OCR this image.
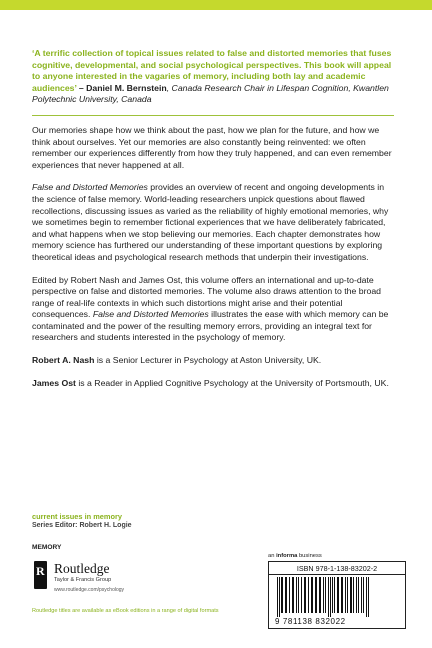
‘A terrific collection of topical issues related to false and distorted memories that fuses cognitive, developmental, and social psychological perspectives. This book will appeal to anyone interested in the vagaries of memory, including both lay and academic audiences’ – Daniel M. Bernstein, Canada Research Chair in Lifespan Cognition, Kwantlen Polytechnic University, Canada

Our memories shape how we think about the past, how we plan for the future, and how we think about ourselves. Yet our memories are also constantly being reinvented: we often remember our experiences differently from how they truly happened, and can even remember experiences that never happened at all.

False and Distorted Memories provides an overview of recent and ongoing developments in the science of false memory. World-leading researchers unpick questions about flawed recollections, discussing issues as varied as the reliability of highly emotional memories, why we sometimes begin to remember fictional experiences that we have deliberately fabricated, and what happens when we stop believing our memories. Each chapter demonstrates how memory science has furthered our understanding of these important questions by exploring theoretical ideas and psychological research methods that underpin their investigations.

Edited by Robert Nash and James Ost, this volume offers an international and up-to-date perspective on false and distorted memories. The volume also draws attention to the broad range of real-life contexts in which such distortions might arise and their potential consequences. False and Distorted Memories illustrates the ease with which memory can be contaminated and the power of the resulting memory errors, providing an integral text for researchers and students interested in the psychology of memory.

Robert A. Nash is a Senior Lecturer in Psychology at Aston University, UK.

James Ost is a Reader in Applied Cognitive Psychology at the University of Portsmouth, UK.

current issues in memory
Series Editor: Robert H. Logie
MEMORY
R Routledge
Taylor & Francis Group
www.routledge.com/psychology
Routledge titles are available as eBook editions in a range of digital formats
an informa business
ISBN 978-1-138-83202-2
9 781138 832022
